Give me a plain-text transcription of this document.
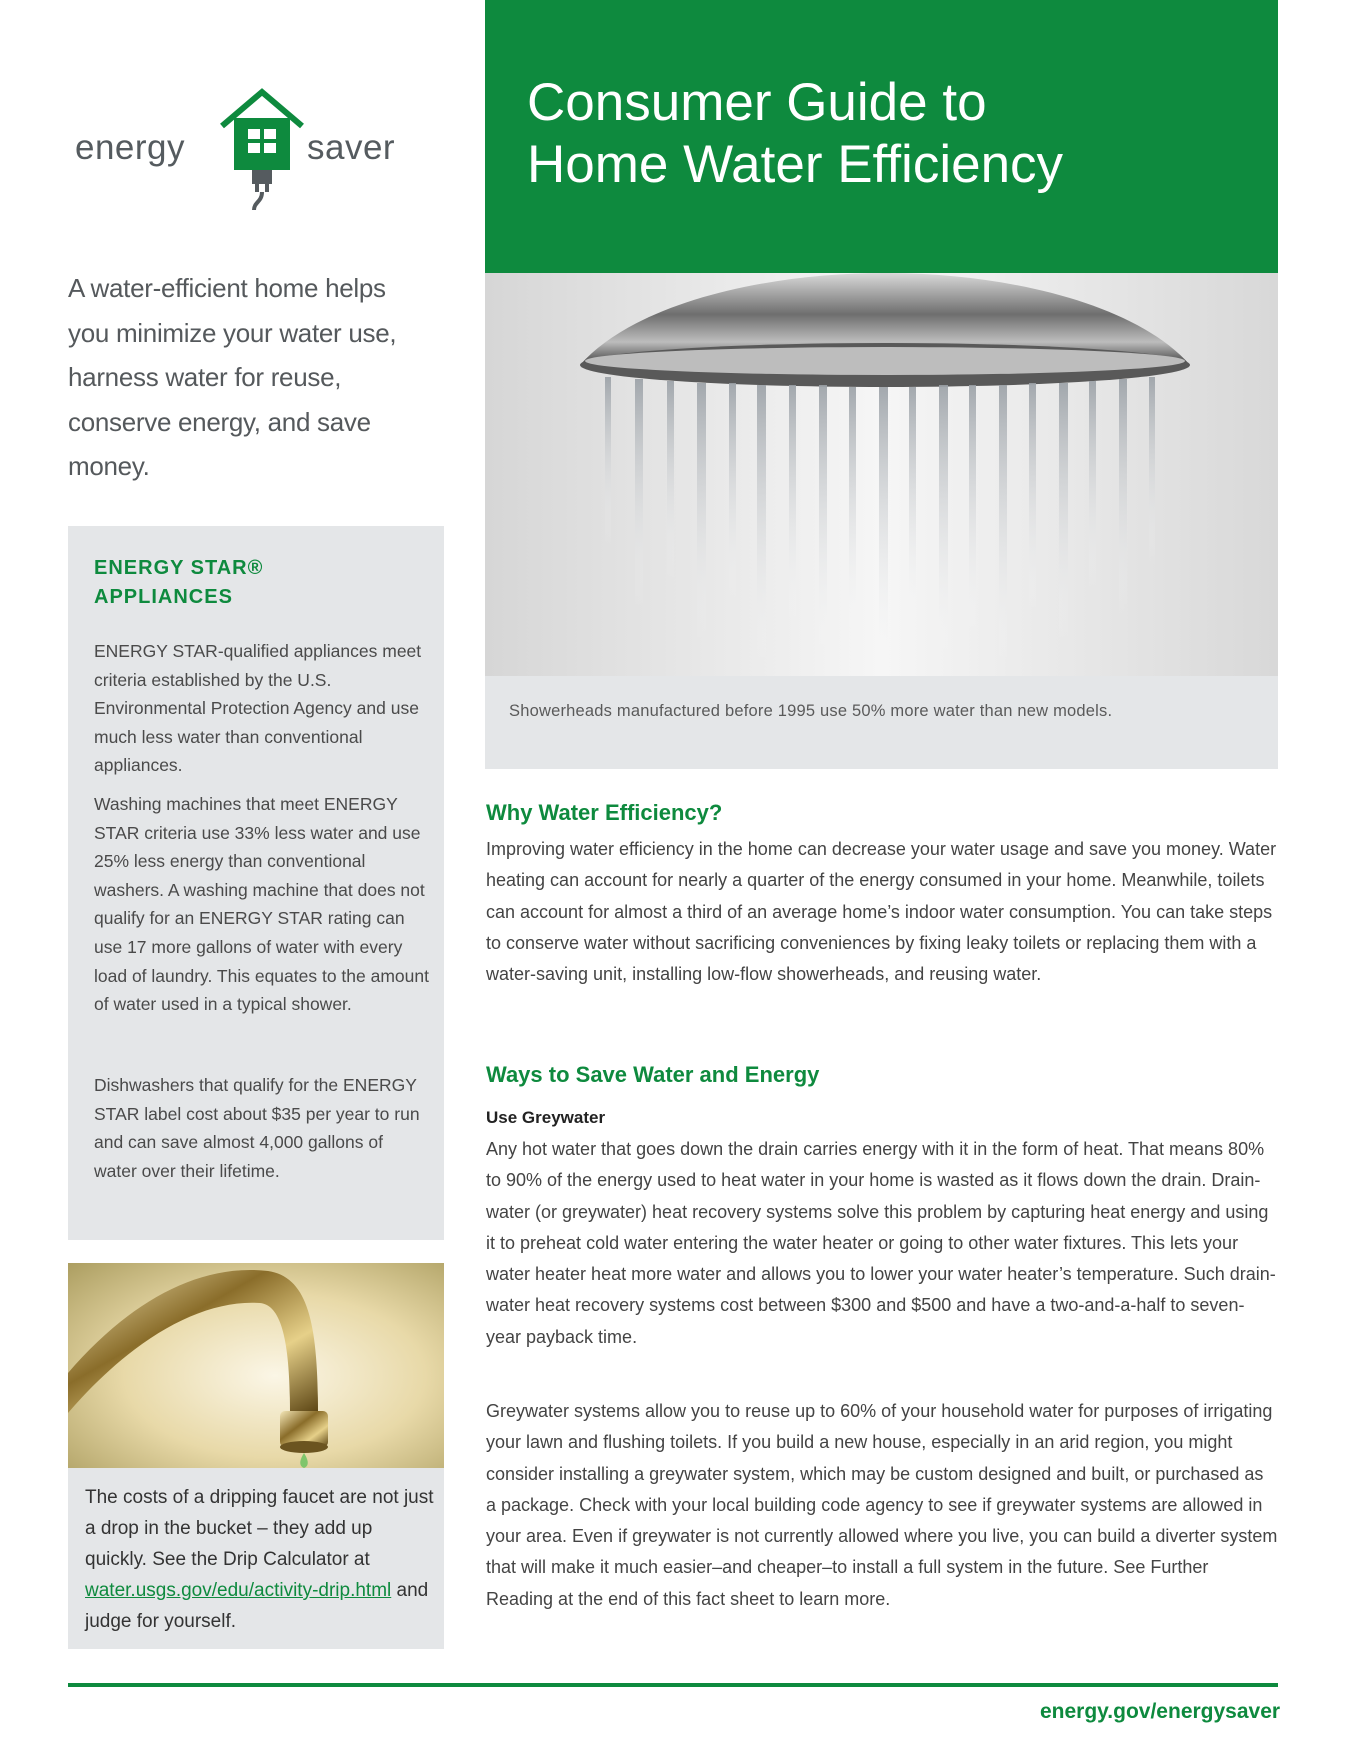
energy	saver
Consumer Guide to
Home Water Efficiency

A water-efficient home helps you minimize your water use, harness water for reuse, conserve energy, and save money.

ENERGY STAR®
APPLIANCES

ENERGY STAR-qualified appliances meet criteria established by the U.S. Environmental Protection Agency and use much less water than conventional appliances.

Washing machines that meet ENERGY STAR criteria use 33% less water and use 25% less energy than conventional washers. A washing machine that does not qualify for an ENERGY STAR rating can use 17 more gallons of water with every load of laundry. This equates to the amount of water used in a typical shower.

Dishwashers that qualify for the ENERGY STAR label cost about $35 per year to run and can save almost 4,000 gallons of water over their lifetime.

The costs of a dripping faucet are not just a drop in the bucket – they add up quickly. See the Drip Calculator at water.usgs.gov/edu/activity-drip.html and judge for yourself.

Showerheads manufactured before 1995 use 50% more water than new models.

Why Water Efficiency?

Improving water efficiency in the home can decrease your water usage and save you money. Water heating can account for nearly a quarter of the energy consumed in your home. Meanwhile, toilets can account for almost a third of an average home’s indoor water consumption. You can take steps to conserve water without sacrificing conveniences by fixing leaky toilets or replacing them with a water-saving unit, installing low-flow showerheads, and reusing water.

Ways to Save Water and Energy

Use Greywater

Any hot water that goes down the drain carries energy with it in the form of heat. That means 80% to 90% of the energy used to heat water in your home is wasted as it flows down the drain. Drain-water (or greywater) heat recovery systems solve this problem by capturing heat energy and using it to preheat cold water entering the water heater or going to other water fixtures. This lets your water heater heat more water and allows you to lower your water heater’s temperature. Such drain-water heat recovery systems cost between $300 and $500 and have a two-and-a-half to seven-year payback time.

Greywater systems allow you to reuse up to 60% of your household water for purposes of irrigating your lawn and flushing toilets. If you build a new house, especially in an arid region, you might consider installing a greywater system, which may be custom designed and built, or purchased as a package. Check with your local building code agency to see if greywater systems are allowed in your area. Even if greywater is not currently allowed where you live, you can build a diverter system that will make it much easier–and cheaper–to install a full system in the future. See Further Reading at the end of this fact sheet to learn more.

energy.gov/energysaver
